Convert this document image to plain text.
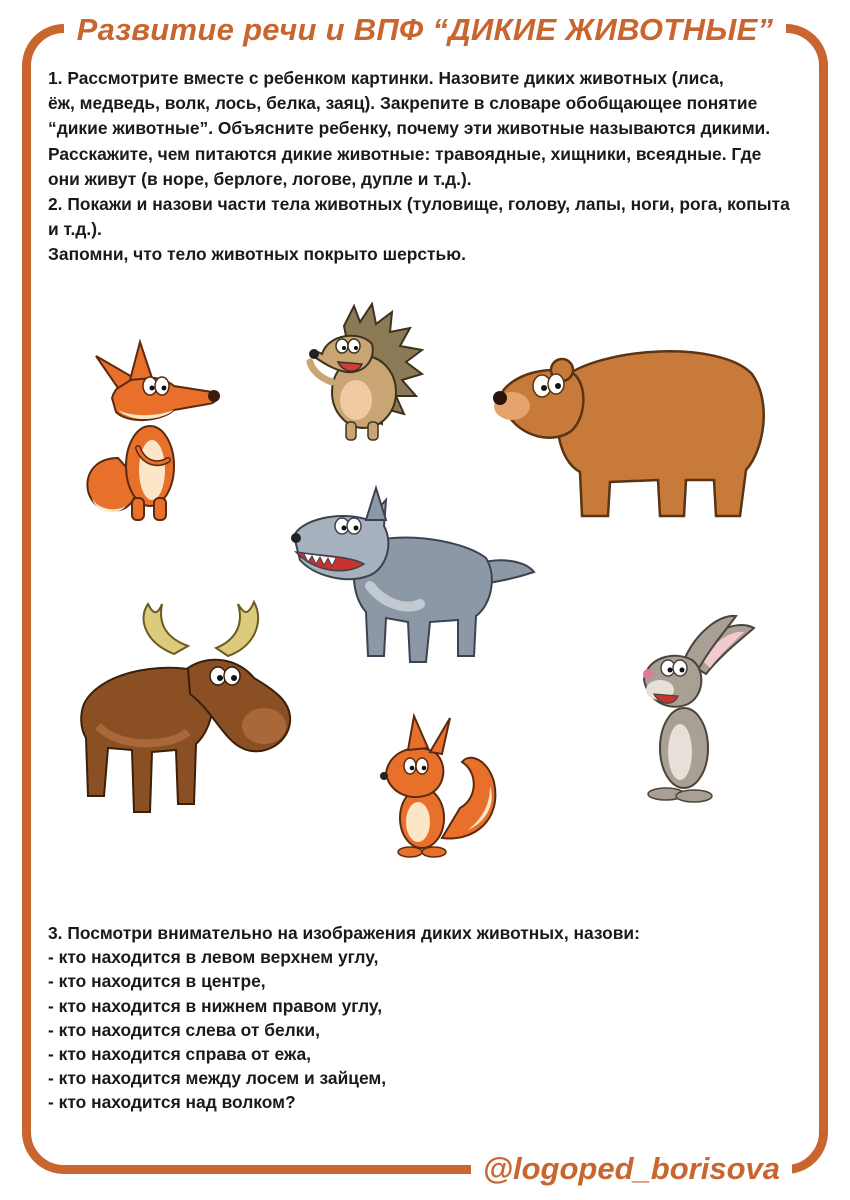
Развитие речи и ВПФ “ДИКИЕ ЖИВОТНЫЕ”

1. Рассмотрите вместе с ребенком картинки. Назовите диких животных (лиса,

ёж, медведь, волк, лось, белка, заяц). Закрепите в словаре обобщающее понятие

“дикие животные”. Объясните ребенку, почему эти животные называются дикими.

Расскажите, чем питаются дикие животные: травоядные, хищники, всеядные. Где

они живут (в норе, берлоге, логове, дупле и т.д.).

2. Покажи и назови части тела животных (туловище, голову, лапы, ноги, рога, копыта

и т.д.).

Запомни, что тело животных покрыто шерстью.

3. Посмотри внимательно на изображения диких животных, назови:

- кто находится в левом верхнем углу,

- кто находится в центре,

- кто находится в нижнем правом углу,

- кто находится слева от белки,

- кто находится справа от ежа,

- кто находится между лосем и зайцем,

- кто находится над волком?

@logoped_borisova
